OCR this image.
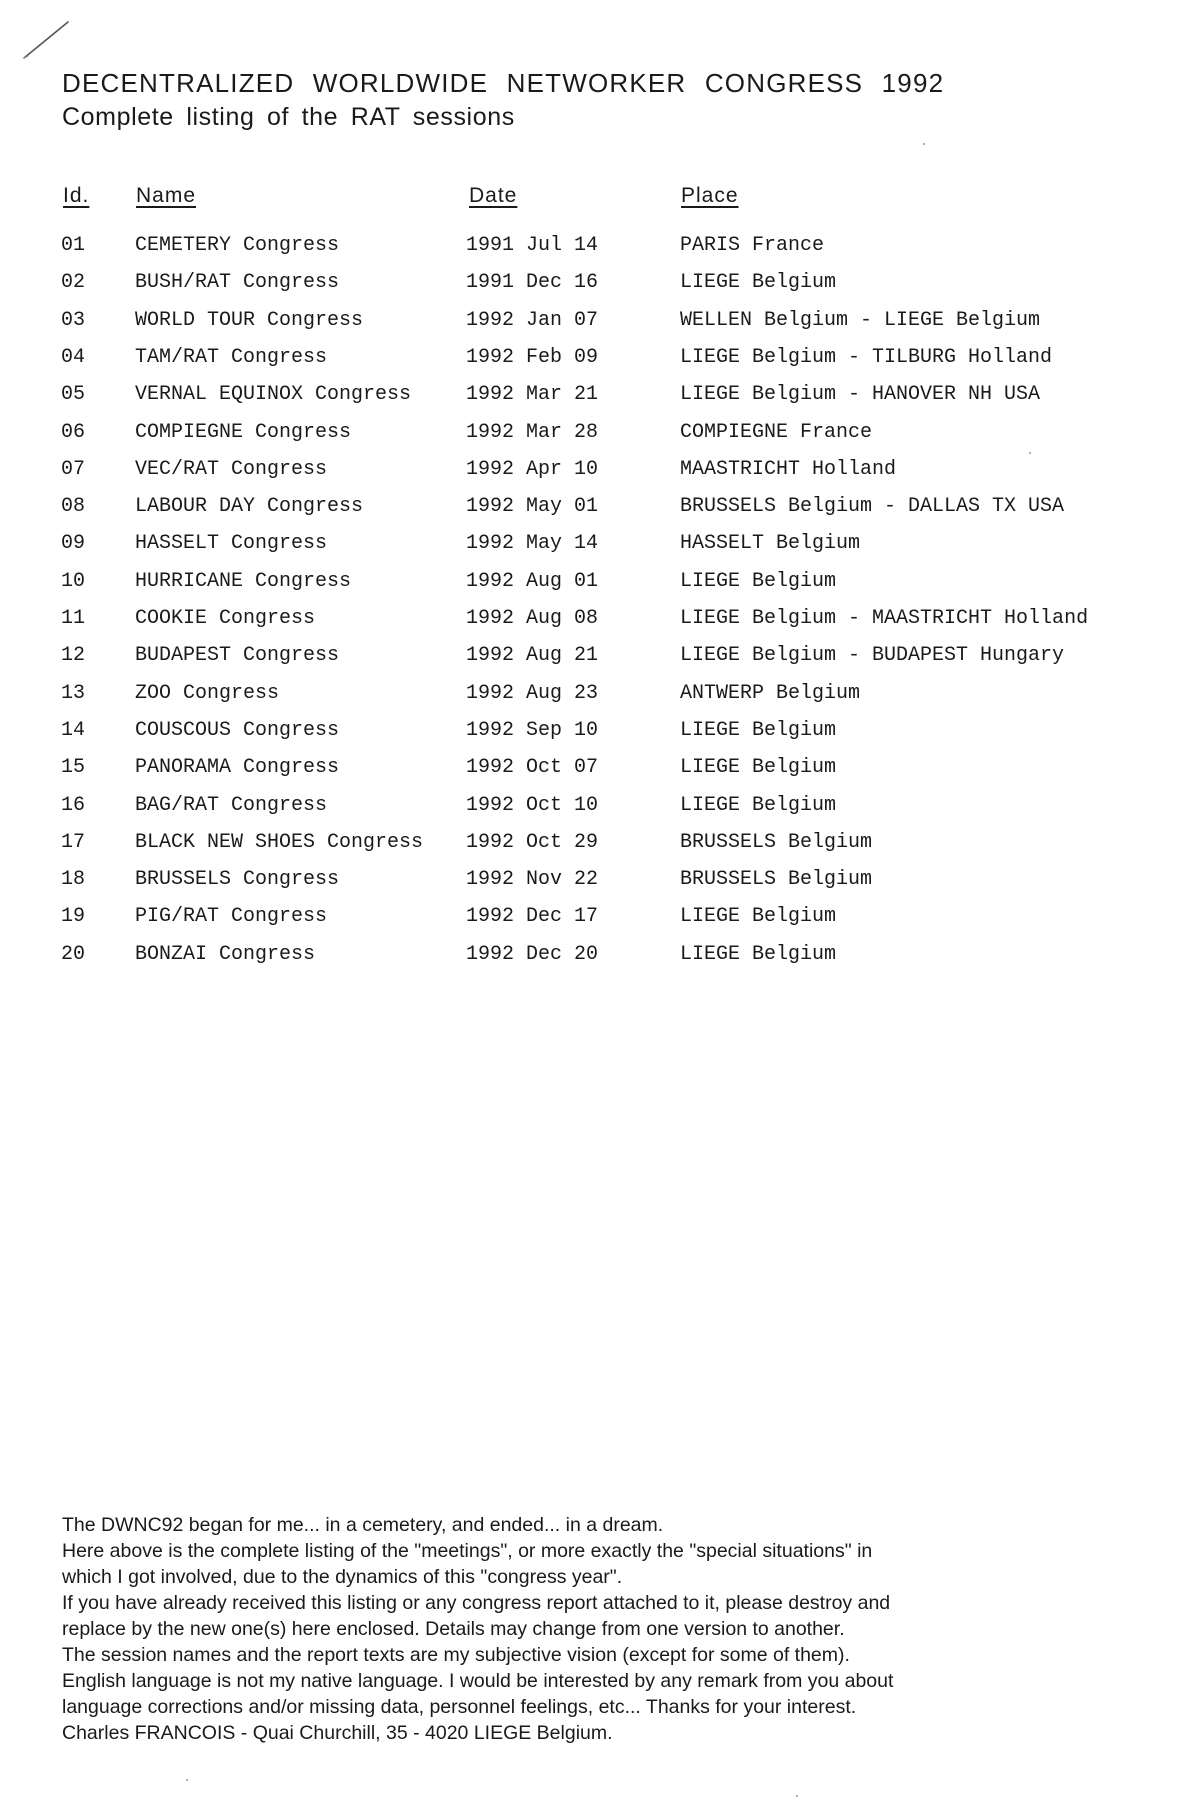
DECENTRALIZED WORLDWIDE NETWORKER CONGRESS 1992
Complete listing of the RAT sessions
Id. Name	Date	Place
01 CEMETERY Congress	1991 Jul 14	PARIS France
02 BUSH/RAT Congress	1991 Dec 16	LIEGE Belgium
03 WORLD TOUR Congress	1992 Jan 07	WELLEN Belgium - LIEGE Belgium
04 TAM/RAT Congress	1992 Feb 09	LIEGE Belgium - TILBURG Holland
05 VERNAL EQUINOX Congress	1992 Mar 21	LIEGE Belgium - HANOVER NH USA
06 COMPIEGNE Congress	1992 Mar 28	COMPIEGNE France
07 VEC/RAT Congress	1992 Apr 10	MAASTRICHT Holland
08 LABOUR DAY Congress	1992 May 01	BRUSSELS Belgium - DALLAS TX USA
09 HASSELT Congress	1992 May 14	HASSELT Belgium
10 HURRICANE Congress	1992 Aug 01	LIEGE Belgium
11 COOKIE Congress	1992 Aug 08	LIEGE Belgium - MAASTRICHT Holland
12 BUDAPEST Congress	1992 Aug 21	LIEGE Belgium - BUDAPEST Hungary
13 ZOO Congress	1992 Aug 23	ANTWERP Belgium
14 COUSCOUS Congress	1992 Sep 10	LIEGE Belgium
15 PANORAMA Congress	1992 Oct 07	LIEGE Belgium
16 BAG/RAT Congress	1992 Oct 10	LIEGE Belgium
17 BLACK NEW SHOES Congress 1992 Oct 29	BRUSSELS Belgium
18 BRUSSELS Congress	1992 Nov 22	BRUSSELS Belgium
19 PIG/RAT Congress	1992 Dec 17	LIEGE Belgium
20 BONZAI Congress	1992 Dec 20	LIEGE Belgium

The DWNC92 began for me... in a cemetery, and ended... in a dream.

Here above is the complete listing of the "meetings", or more exactly the "special situations" in

which I got involved, due to the dynamics of this "congress year".

If you have already received this listing or any congress report attached to it, please destroy and

replace by the new one(s) here enclosed. Details may change from one version to another.

The session names and the report texts are my subjective vision (except for some of them).

English language is not my native language. I would be interested by any remark from you about

language corrections and/or missing data, personnel feelings, etc... Thanks for your interest.

Charles FRANCOIS - Quai Churchill, 35 - 4020 LIEGE Belgium.
